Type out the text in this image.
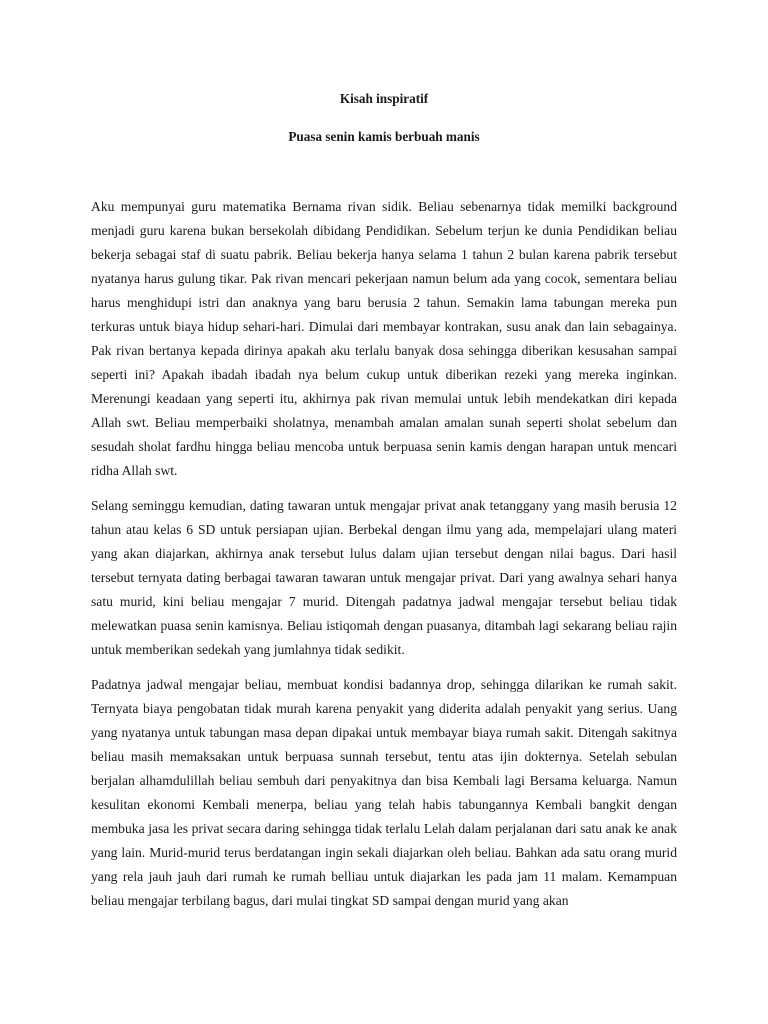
Kisah inspiratif
Puasa senin kamis berbuah manis

Aku mempunyai guru matematika Bernama rivan sidik. Beliau sebenarnya tidak memilki background menjadi guru karena bukan bersekolah dibidang Pendidikan. Sebelum terjun ke dunia Pendidikan beliau bekerja sebagai staf di suatu pabrik. Beliau bekerja hanya selama 1 tahun 2 bulan karena pabrik tersebut nyatanya harus gulung tikar. Pak rivan mencari pekerjaan namun belum ada yang cocok, sementara beliau harus menghidupi istri dan anaknya yang baru berusia 2 tahun. Semakin lama tabungan mereka pun terkuras untuk biaya hidup sehari-hari. Dimulai dari membayar kontrakan, susu anak dan lain sebagainya. Pak rivan bertanya kepada dirinya apakah aku terlalu banyak dosa sehingga diberikan kesusahan sampai seperti ini? Apakah ibadah ibadah nya belum cukup untuk diberikan rezeki yang mereka inginkan. Merenungi keadaan yang seperti itu, akhirnya pak rivan memulai untuk lebih mendekatkan diri kepada Allah swt. Beliau memperbaiki sholatnya, menambah amalan amalan sunah seperti sholat sebelum dan sesudah sholat fardhu hingga beliau mencoba untuk berpuasa senin kamis dengan harapan untuk mencari ridha Allah swt.

Selang seminggu kemudian, dating tawaran untuk mengajar privat anak tetanggany yang masih berusia 12 tahun atau kelas 6 SD untuk persiapan ujian. Berbekal dengan ilmu yang ada, mempelajari ulang materi yang akan diajarkan, akhirnya anak tersebut lulus dalam ujian tersebut dengan nilai bagus. Dari hasil tersebut ternyata dating berbagai tawaran tawaran untuk mengajar privat. Dari yang awalnya sehari hanya satu murid, kini beliau mengajar 7 murid. Ditengah padatnya jadwal mengajar tersebut beliau tidak melewatkan puasa senin kamisnya. Beliau istiqomah dengan puasanya, ditambah lagi sekarang beliau rajin untuk memberikan sedekah yang jumlahnya tidak sedikit.

Padatnya jadwal mengajar beliau, membuat kondisi badannya drop, sehingga dilarikan ke rumah sakit. Ternyata biaya pengobatan tidak murah karena penyakit yang diderita adalah penyakit yang serius. Uang yang nyatanya untuk tabungan masa depan dipakai untuk membayar biaya rumah sakit. Ditengah sakitnya beliau masih memaksakan untuk berpuasa sunnah tersebut, tentu atas ijin dokternya. Setelah sebulan berjalan alhamdulillah beliau sembuh dari penyakitnya dan bisa Kembali lagi Bersama keluarga. Namun kesulitan ekonomi Kembali menerpa, beliau yang telah habis tabungannya Kembali bangkit dengan membuka jasa les privat secara daring sehingga tidak terlalu Lelah dalam perjalanan dari satu anak ke anak yang lain. Murid-murid terus berdatangan ingin sekali diajarkan oleh beliau. Bahkan ada satu orang murid yang rela jauh jauh dari rumah ke rumah belliau untuk diajarkan les pada jam 11 malam. Kemampuan beliau mengajar terbilang bagus, dari mulai tingkat SD sampai dengan murid yang akan
